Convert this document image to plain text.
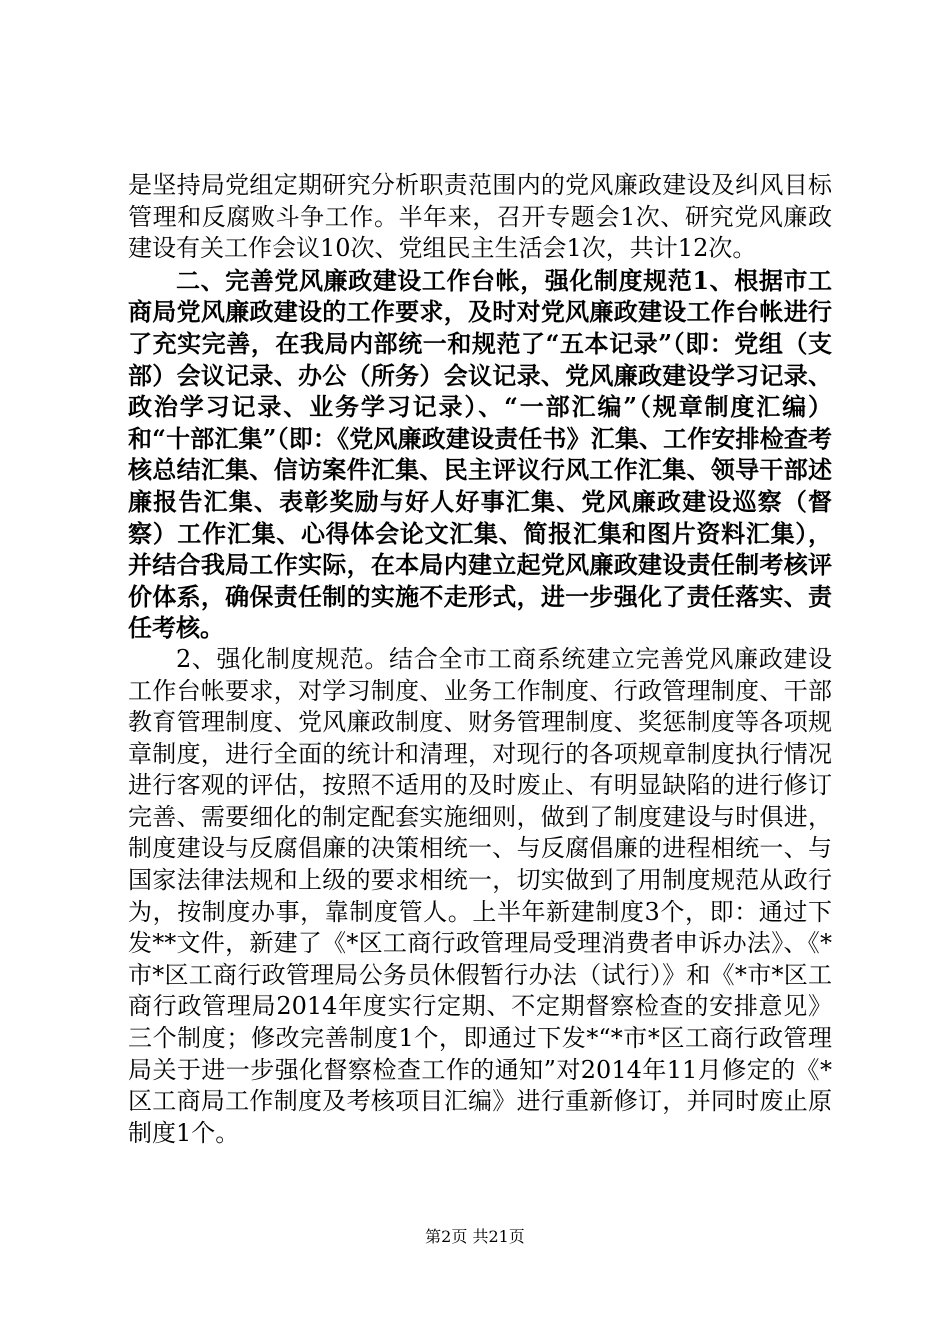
是坚持局党组定期研究分析职责范围内的党风廉政建设及纠风目标管理和反腐败斗争工作。半年来，召开专题会1次、研究党风廉政建设有关工作会议10次、党组民主生活会1次，共计12次。

二、完善党风廉政建设工作台帐，强化制度规范1、根据市工商局党风廉政建设的工作要求，及时对党风廉政建设工作台帐进行了充实完善，在我局内部统一和规范了“五本记录”（即：党组（支部）会议记录、办公（所务）会议记录、党风廉政建设学习记录、政治学习记录、业务学习记录）、“一部汇编”（规章制度汇编）和“十部汇集”（即：《党风廉政建设责任书》汇集、工作安排检查考核总结汇集、信访案件汇集、民主评议行风工作汇集、领导干部述廉报告汇集、表彰奖励与好人好事汇集、党风廉政建设巡察（督察）工作汇集、心得体会论文汇集、简报汇集和图片资料汇集），并结合我局工作实际，在本局内建立起党风廉政建设责任制考核评价体系，确保责任制的实施不走形式，进一步强化了责任落实、责任考核。

2、强化制度规范。结合全市工商系统建立完善党风廉政建设工作台帐要求，对学习制度、业务工作制度、行政管理制度、干部教育管理制度、党风廉政制度、财务管理制度、奖惩制度等各项规章制度，进行全面的统计和清理，对现行的各项规章制度执行情况进行客观的评估，按照不适用的及时废止、有明显缺陷的进行修订完善、需要细化的制定配套实施细则，做到了制度建设与时俱进，制度建设与反腐倡廉的决策相统一、与反腐倡廉的进程相统一、与国家法律法规和上级的要求相统一，切实做到了用制度规范从政行为，按制度办事，靠制度管人。上半年新建制度3个，即：通过下发**文件，新建了《*区工商行政管理局受理消费者申诉办法》、《*市*区工商行政管理局公务员休假暂行办法（试行）》和《*市*区工商行政管理局2014年度实行定期、不定期督察检查的安排意见》三个制度；修改完善制度1个，即通过下发*“*市*区工商行政管理局关于进一步强化督察检查工作的通知”对2014年11月修定的《*区工商局工作制度及考核项目汇编》进行重新修订，并同时废止原制度1个。

第2页 共21页
